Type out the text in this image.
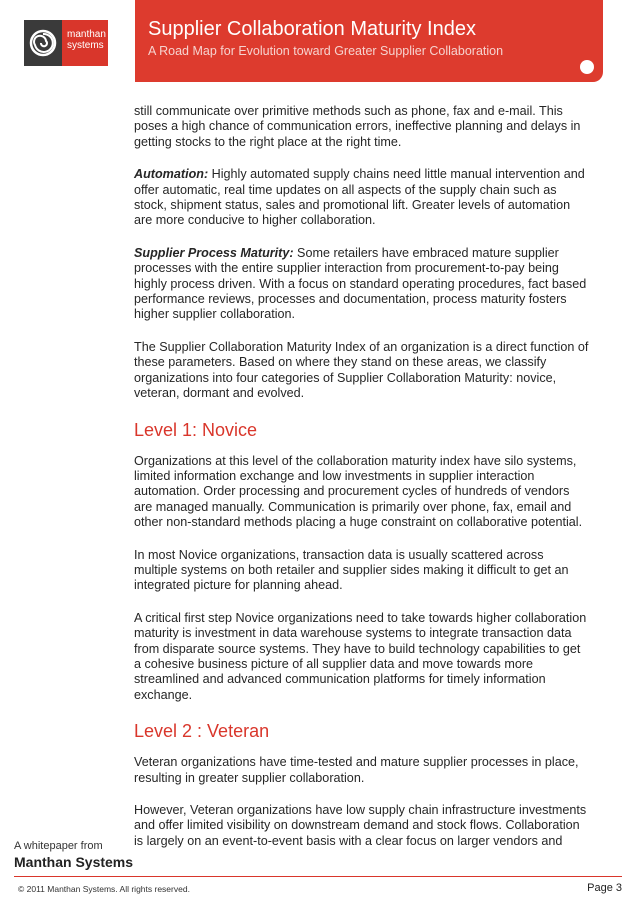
manthan
systems
Supplier Collaboration Maturity Index
A Road Map for Evolution toward Greater Supplier Collaboration

still communicate over primitive methods such as phone, fax and e-mail. This poses a high chance of communication errors, ineffective planning and delays in getting stocks to the right place at the right time.

Automation: Highly automated supply chains need little manual intervention and offer automatic, real time updates on all aspects of the supply chain such as stock, shipment status, sales and promotional lift. Greater levels of automation are more conducive to higher collaboration.

Supplier Process Maturity: Some retailers have embraced mature supplier processes with the entire supplier interaction from procurement-to-pay being highly process driven. With a focus on standard operating procedures, fact based performance reviews, processes and documentation, process maturity fosters higher supplier collaboration.

The Supplier Collaboration Maturity Index of an organization is a direct function of these parameters. Based on where they stand on these areas, we classify organizations into four categories of Supplier Collaboration Maturity: novice, veteran, dormant and evolved.

Level 1: Novice

Organizations at this level of the collaboration maturity index have silo systems, limited information exchange and low investments in supplier interaction automation. Order processing and procurement cycles of hundreds of vendors are managed manually. Communication is primarily over phone, fax, email and other non-standard methods placing a huge constraint on collaborative potential.

In most Novice organizations, transaction data is usually scattered across multiple systems on both retailer and supplier sides making it difficult to get an integrated picture for planning ahead.

A critical first step Novice organizations need to take towards higher collaboration maturity is investment in data warehouse systems to integrate transaction data from disparate source systems. They have to build technology capabilities to get a cohesive business picture of all supplier data and move towards more streamlined and advanced communication platforms for timely information exchange.

Level 2 : Veteran

Veteran organizations have time-tested and mature supplier processes in place, resulting in greater supplier collaboration.

However, Veteran organizations have low supply chain infrastructure investments and offer limited visibility on downstream demand and stock flows. Collaboration is largely on an event-to-event basis with a clear focus on larger vendors and

A whitepaper from
Manthan Systems
© 2011 Manthan Systems. All rights reserved.	Page 3
